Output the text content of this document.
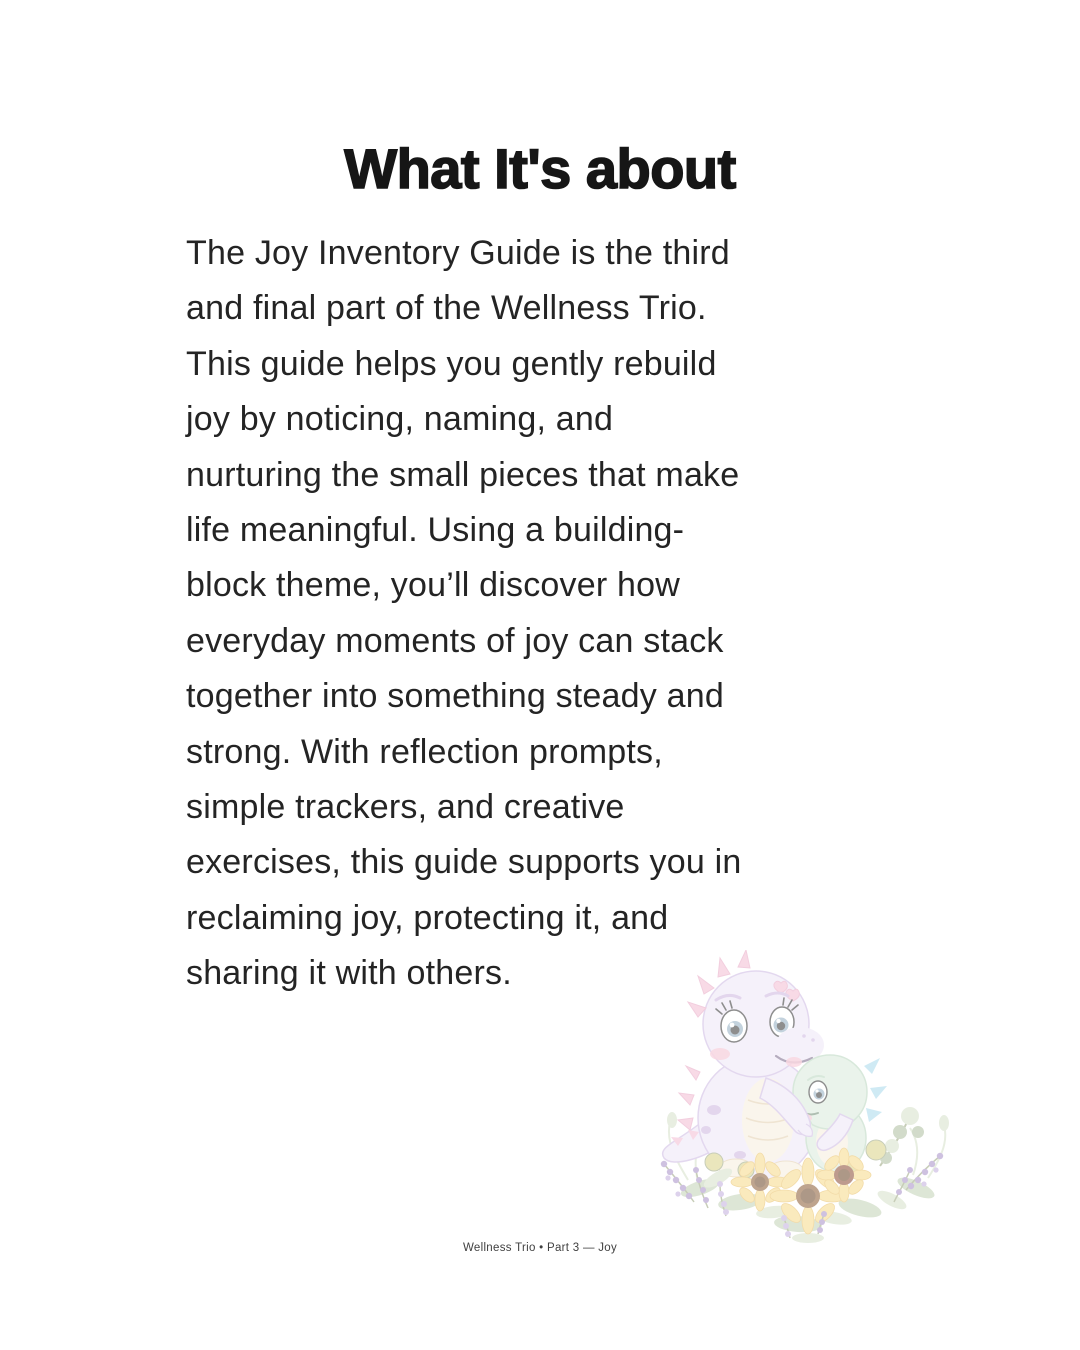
What It's about
The Joy Inventory Guide is the third
and final part of the Wellness Trio.
This guide helps you gently rebuild
joy by noticing, naming, and
nurturing the small pieces that make
life meaningful. Using a building-
block theme, you’ll discover how
everyday moments of joy can stack
together into something steady and
strong. With reflection prompts,
simple trackers, and creative
exercises, this guide supports you in
reclaiming joy, protecting it, and
sharing it with others.
Wellness Trio • Part 3 — Joy
